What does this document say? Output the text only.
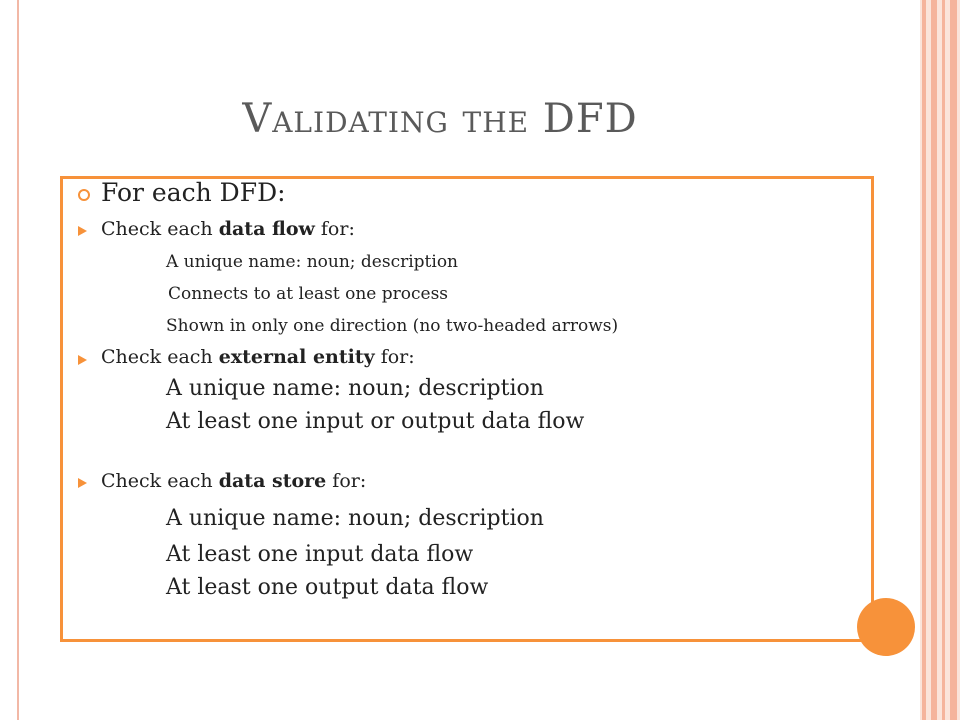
Validating the DFD
For each DFD:
Check each data flow for:
A unique name: noun; description
Connects to at least one process
Shown in only one direction (no two-headed arrows)
Check each external entity for:
A unique name: noun; description
At least one input or output data flow
Check each data store for:
A unique name: noun; description
At least one input data flow
At least one output data flow
